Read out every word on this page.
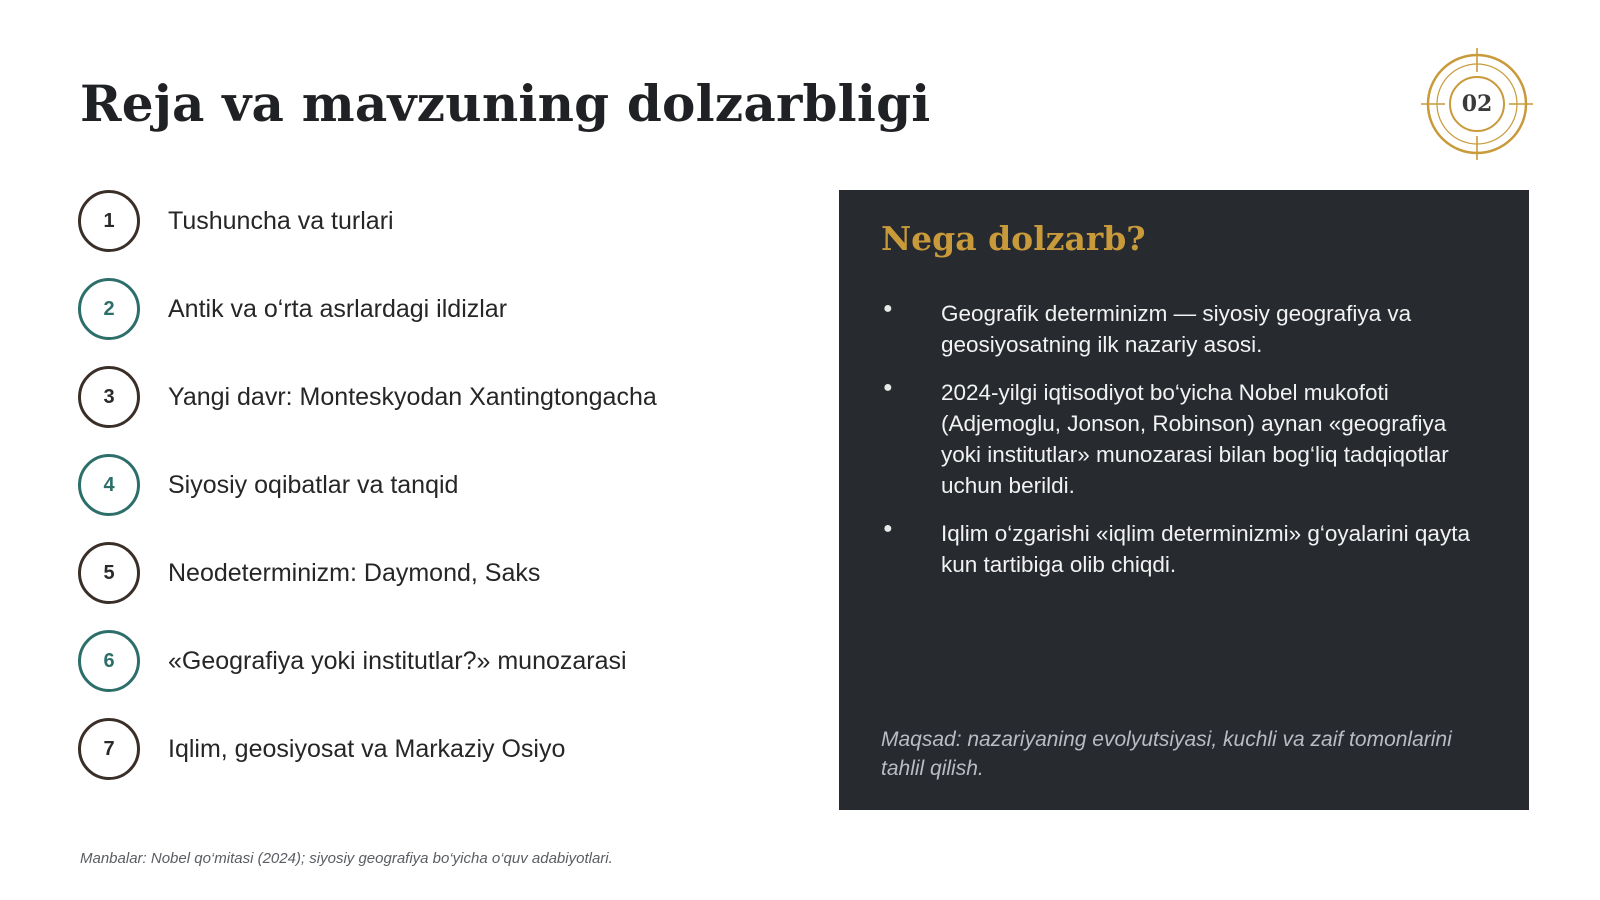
Reja va mavzuning dolzarbligi	02
1	Tushuncha va turlari
2	Antik va o‘rta asrlardagi ildizlar
3	Yangi davr: Monteskyodan Xantingtongacha
4	Siyosiy oqibatlar va tanqid
5	Neodeterminizm: Daymond, Saks
6	«Geografiya yoki institutlar?» munozarasi
7	Iqlim, geosiyosat va Markaziy Osiyo
Nega dolzarb?
● Geografik determinizm — siyosiy geografiya va geosiyosatning ilk nazariy asosi.
● 2024-yilgi iqtisodiyot bo‘yicha Nobel mukofoti (Adjemoglu, Jonson, Robinson) aynan «geografiya yoki institutlar» munozarasi bilan bog‘liq tadqiqotlar uchun berildi.
● Iqlim o‘zgarishi «iqlim determinizmi» g‘oyalarini qayta kun tartibiga olib chiqdi.

Maqsad: nazariyaning evolyutsiyasi, kuchli va zaif tomonlarini tahlil qilish.

Manbalar: Nobel qo‘mitasi (2024); siyosiy geografiya bo‘yicha o‘quv adabiyotlari.
